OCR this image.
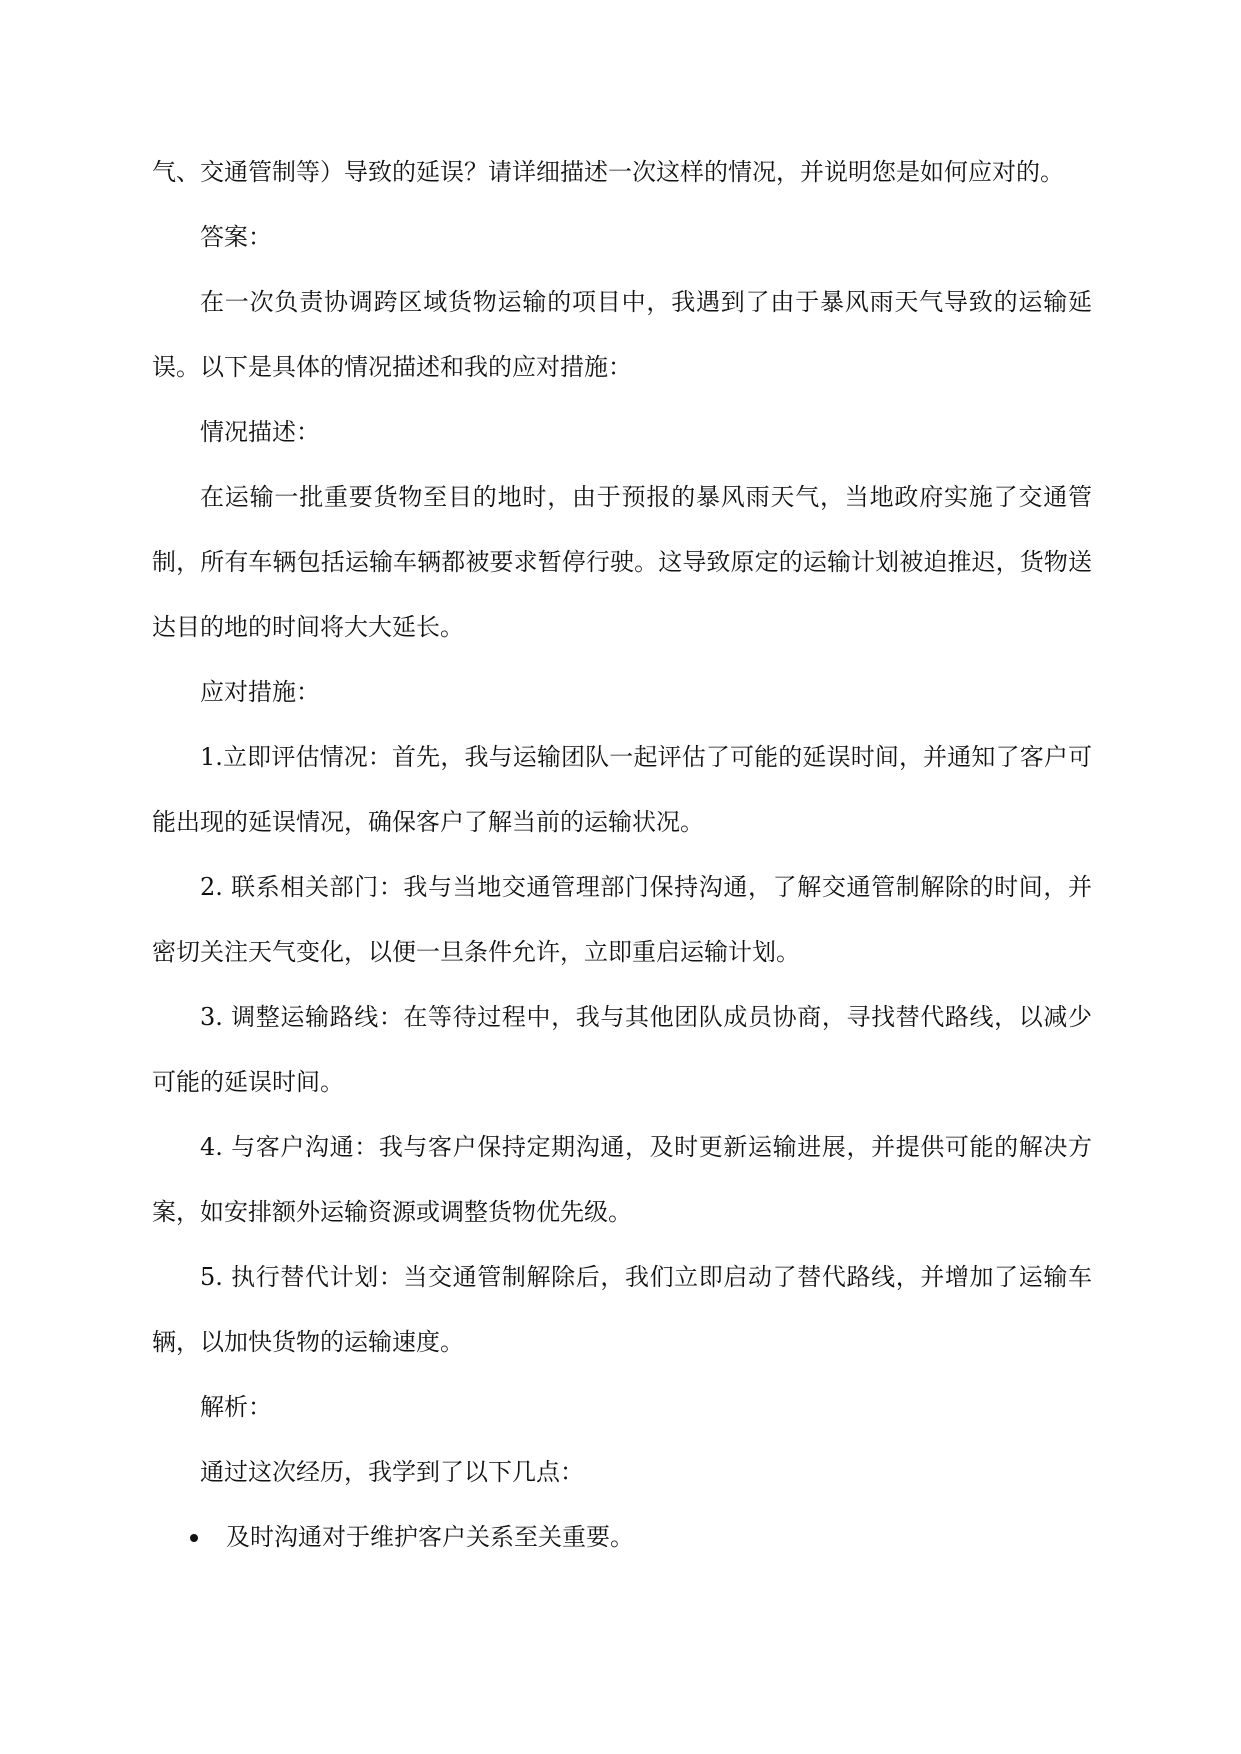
气、交通管制等）导致的延误？请详细描述一次这样的情况，并说明您是如何应对的。

答案：

在一次负责协调跨区域货物运输的项目中，我遇到了由于暴风雨天气导致的运输延误。以下是具体的情况描述和我的应对措施：

情况描述：

在运输一批重要货物至目的地时，由于预报的暴风雨天气，当地政府实施了交通管制，所有车辆包括运输车辆都被要求暂停行驶。这导致原定的运输计划被迫推迟，货物送达目的地的时间将大大延长。

应对措施：

1.立即评估情况：首先，我与运输团队一起评估了可能的延误时间，并通知了客户可能出现的延误情况，确保客户了解当前的运输状况。

2. 联系相关部门：我与当地交通管理部门保持沟通，了解交通管制解除的时间，并密切关注天气变化，以便一旦条件允许，立即重启运输计划。

3. 调整运输路线：在等待过程中，我与其他团队成员协商，寻找替代路线，以减少可能的延误时间。

4. 与客户沟通：我与客户保持定期沟通，及时更新运输进展，并提供可能的解决方案，如安排额外运输资源或调整货物优先级。

5. 执行替代计划：当交通管制解除后，我们立即启动了替代路线，并增加了运输车辆，以加快货物的运输速度。

解析：

通过这次经历，我学到了以下几点：

及时沟通对于维护客户关系至关重要。
